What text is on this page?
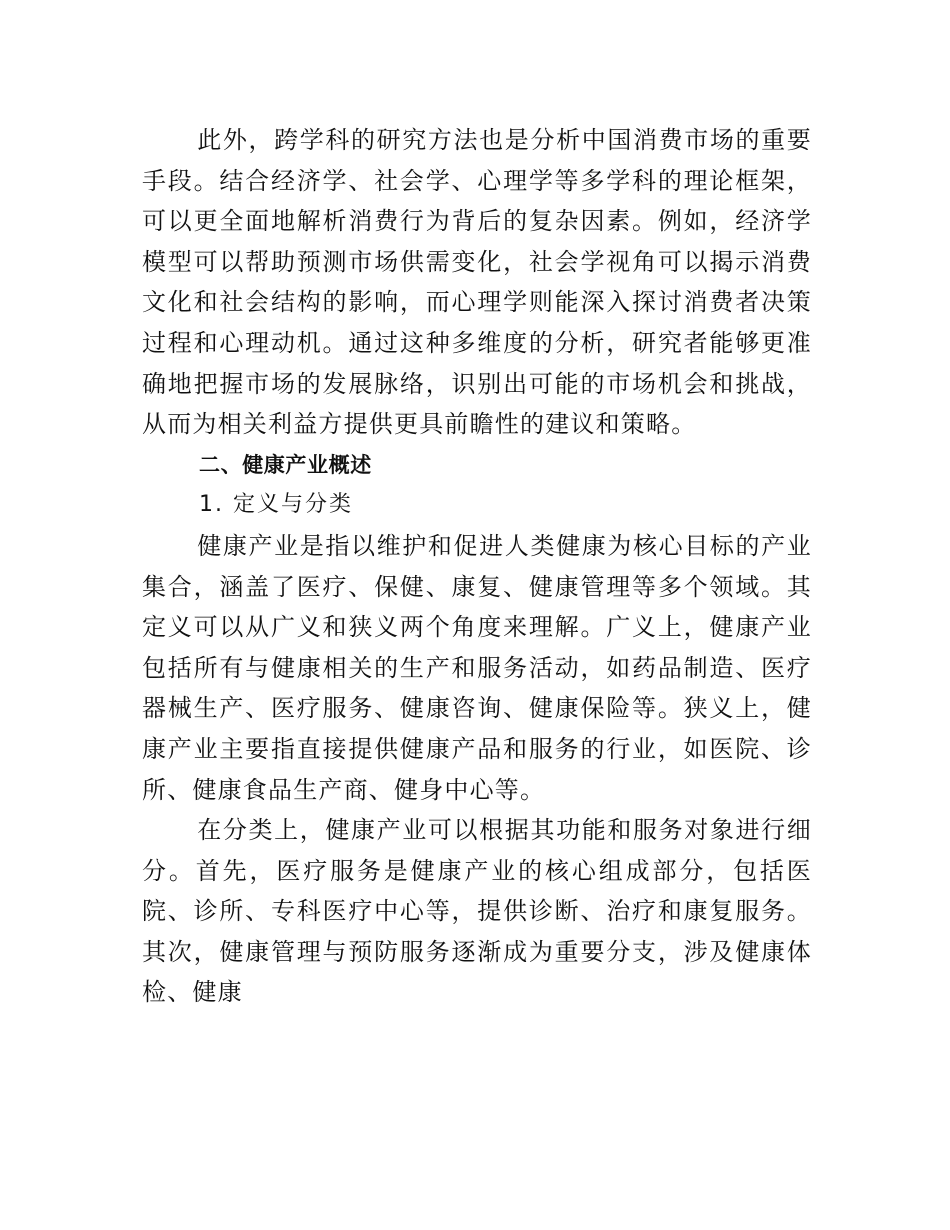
此外，跨学科的研究方法也是分析中国消费市场的重要手段。结合经济学、社会学、心理学等多学科的理论框架，可以更全面地解析消费行为背后的复杂因素。例如，经济学模型可以帮助预测市场供需变化，社会学视角可以揭示消费文化和社会结构的影响，而心理学则能深入探讨消费者决策过程和心理动机。通过这种多维度的分析，研究者能够更准确地把握市场的发展脉络，识别出可能的市场机会和挑战，从而为相关利益方提供更具前瞻性的建议和策略。

二、健康产业概述

1. 定义与分类

健康产业是指以维护和促进人类健康为核心目标的产业集合，涵盖了医疗、保健、康复、健康管理等多个领域。其定义可以从广义和狭义两个角度来理解。广义上，健康产业包括所有与健康相关的生产和服务活动，如药品制造、医疗器械生产、医疗服务、健康咨询、健康保险等。狭义上，健康产业主要指直接提供健康产品和服务的行业，如医院、诊所、健康食品生产商、健身中心等。

在分类上，健康产业可以根据其功能和服务对象进行细分。首先，医疗服务是健康产业的核心组成部分，包括医院、诊所、专科医疗中心等，提供诊断、治疗和康复服务。其次，健康管理与预防服务逐渐成为重要分支，涉及健康体检、健康
